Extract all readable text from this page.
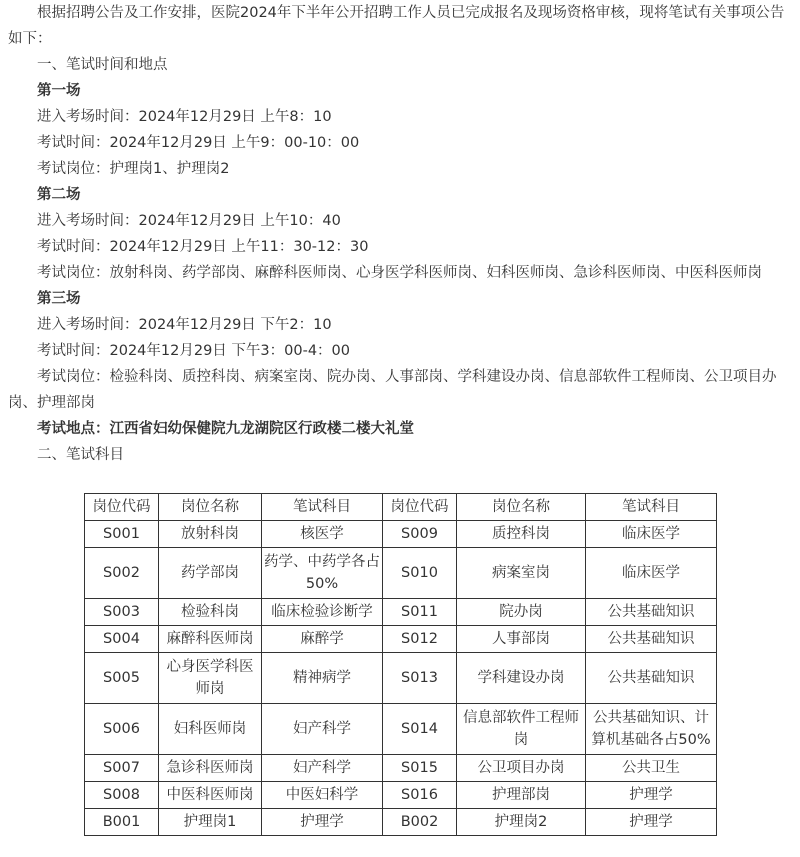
根据招聘公告及工作安排，医院2024年下半年公开招聘工作人员已完成报名及现场资格审核，现将笔试有关事项公告如下：

一、笔试时间和地点

第一场

进入考场时间：2024年12月29日 上午8：10

考试时间：2024年12月29日 上午9：00-10：00

考试岗位：护理岗1、护理岗2

第二场

进入考场时间：2024年12月29日 上午10：40

考试时间：2024年12月29日 上午11：30-12：30

考试岗位：放射科岗、药学部岗、麻醉科医师岗、心身医学科医师岗、妇科医师岗、急诊科医师岗、中医科医师岗

第三场

进入考场时间：2024年12月29日 下午2：10

考试时间：2024年12月29日 下午3：00-4：00

考试岗位：检验科岗、质控科岗、病案室岗、院办岗、人事部岗、学科建设办岗、信息部软件工程师岗、公卫项目办岗、护理部岗

考试地点：江西省妇幼保健院九龙湖院区行政楼二楼大礼堂

二、笔试科目

岗位代码	岗位名称	笔试科目	岗位代码	岗位名称	笔试科目
S001	放射科岗	核医学	S009	质控科岗	临床医学
S002	药学部岗	药学、中药学各占50%	S010	病案室岗	临床医学
S003	检验科岗	临床检验诊断学	S011	院办岗	公共基础知识
S004	麻醉科医师岗	麻醉学	S012	人事部岗	公共基础知识
S005	心身医学科医师岗	精神病学	S013	学科建设办岗	公共基础知识
S006	妇科医师岗	妇产科学	S014	信息部软件工程师岗	公共基础知识、计算机基础各占50%
S007	急诊科医师岗	妇产科学	S015	公卫项目办岗	公共卫生
S008	中医科医师岗	中医妇科学	S016	护理部岗	护理学
B001	护理岗1	护理学	B002	护理岗2	护理学
